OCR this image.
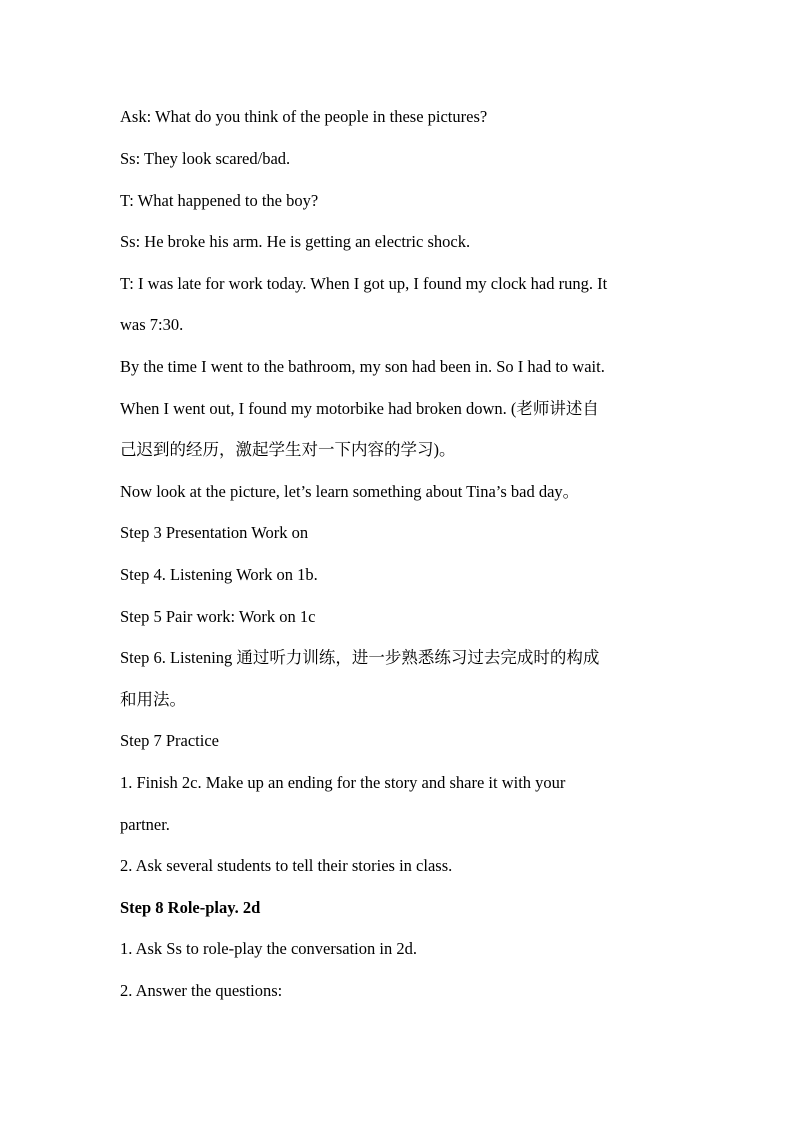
Ask: What do you think of the people in these pictures?
Ss: They look scared/bad.
T: What happened to the boy?
Ss: He broke his arm. He is getting an electric shock.
T: I was late for work today. When I got up, I found my clock had rung. It
was 7:30.
By the time I went to the bathroom, my son had been in. So I had to wait.
When I went out, I found my motorbike had broken down. (老师讲述自
己迟到的经历，激起学生对一下内容的学习)。
Now look at the picture, let’s learn something about Tina’s bad day。
Step 3 Presentation Work on
Step 4. Listening Work on 1b.
Step 5 Pair work: Work on 1c
Step 6. Listening 通过听力训练，进一步熟悉练习过去完成时的构成
和用法。
Step 7 Practice
1. Finish 2c. Make up an ending for the story and share it with your
partner.
2. Ask several students to tell their stories in class.
Step 8 Role-play. 2d
1. Ask Ss to role-play the conversation in 2d.
2. Answer the questions:
